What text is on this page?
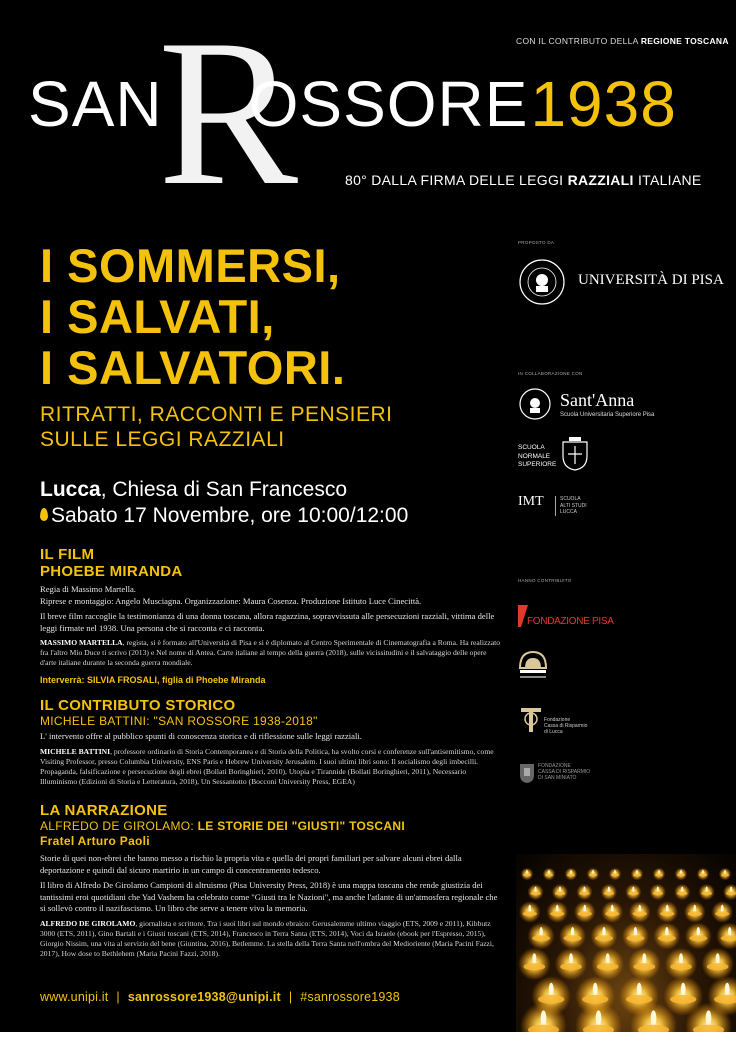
CON IL CONTRIBUTO DELLA REGIONE TOSCANA
R
SAN OSSORE1938
80° DALLA FIRMA DELLE LEGGI RAZZIALI ITALIANE
I SOMMERSI,
I SALVATI,
I SALVATORI.
RITRATTI, RACCONTI E PENSIERI
SULLE LEGGI RAZZIALI
Lucca, Chiesa di San Francesco
Sabato 17 Novembre, ore 10:00/12:00
IL FILM
PHOEBE MIRANDA
Regia di Massimo Martella.
Riprese e montaggio: Angelo Musciagna. Organizzazione: Maura Cosenza. Produzione Istituto Luce Cinecittà.
Il breve film raccoglie la testimonianza di una donna toscana, allora ragazzina, sopravvissuta alle persecuzioni razziali, vittima delle leggi firmate nel 1938. Una persona che si racconta e ci racconta.
MASSIMO MARTELLA, regista, si è formato all'Università di Pisa e si è diplomato al Centro Sperimentale di Cinematografia a Roma. Ha realizzato fra l'altro Mio Duce ti scrivo (2013) e Nel nome di Antea. Carte italiane al tempo della guerra (2018), sulle vicissitudini e il salvataggio delle opere d'arte italiane durante la seconda guerra mondiale.
Interverrà: SILVIA FROSALI, figlia di Phoebe Miranda
IL CONTRIBUTO STORICO
MICHELE BATTINI: "SAN ROSSORE 1938-2018"
L' intervento offre al pubblico spunti di conoscenza storica e di riflessione sulle leggi razziali.
MICHELE BATTINI, professore ordinario di Storia Contemporanea e di Storia della Politica, ha svolto corsi e conferenze sull'antisemitismo, come Visiting Professor, presso Columbia University, ENS Paris e Hebrew University Jerusalem. I suoi ultimi libri sono: Il socialismo degli imbecilli. Propaganda, falsificazione e persecuzione degli ebrei (Bollati Boringhieri, 2010), Utopia e Tirannide (Bollati Boringhieri, 2011), Necessario Illuminismo (Edizioni di Storia e Letteratura, 2018), Un Sessantotto (Bocconi University Press, EGEA)
LA NARRAZIONE
ALFREDO DE GIROLAMO: LE STORIE DEI "GIUSTI" TOSCANI
Fratel Arturo Paoli
Storie di quei non-ebrei che hanno messo a rischio la propria vita e quella dei propri familiari per salvare alcuni ebrei dalla deportazione e quindi dal sicuro martirio in un campo di concentramento tedesco.
Il libro di Alfredo De Girolamo Campioni di altruismo (Pisa University Press, 2018) è una mappa toscana che rende giustizia dei tantissimi eroi quotidiani che Yad Vashem ha celebrato come "Giusti tra le Nazioni", ma anche l'atlante di un'atmosfera regionale che si sollevò contro il nazifascismo. Un libro che serve a tenere viva la memoria.
ALFREDO DE GIROLAMO, giornalista e scrittore. Tra i suoi libri sul mondo ebraico: Gerusalemme ultimo viaggio (ETS, 2009 e 2011), Kibbutz 3000 (ETS, 2011), Gino Bartali e i Giusti toscani (ETS, 2014), Francesco in Terra Santa (ETS, 2014), Voci da Israele (ebook per l'Espresso, 2015), Giorgio Nissim, una vita al servizio del bene (Giuntina, 2016), Betlemme. La stella della Terra Santa nell'ombra del Medioriente (Maria Pacini Fazzi, 2017), How dose to Bethlehem (Maria Pacini Fazzi, 2018).
www.unipi.it | sanrossore1938@unipi.it | #sanrossore1938
PROPOSTO DA
UNIVERSITÀ DI PISA
IN COLLABORAZIONE CON
Sant'Anna
Scuola Universitaria Superiore Pisa
SCUOLA
NORMALE
SUPERIORE
IMT	SCUOLA
ALTI STUDI
LUCCA
HANNO CONTRIBUITO
FONDAZIONE PISA
Fondazione
Cassa di Risparmio
di Lucca
FONDAZIONE
CASSA DI RISPARMIO
DI SAN MINIATO
